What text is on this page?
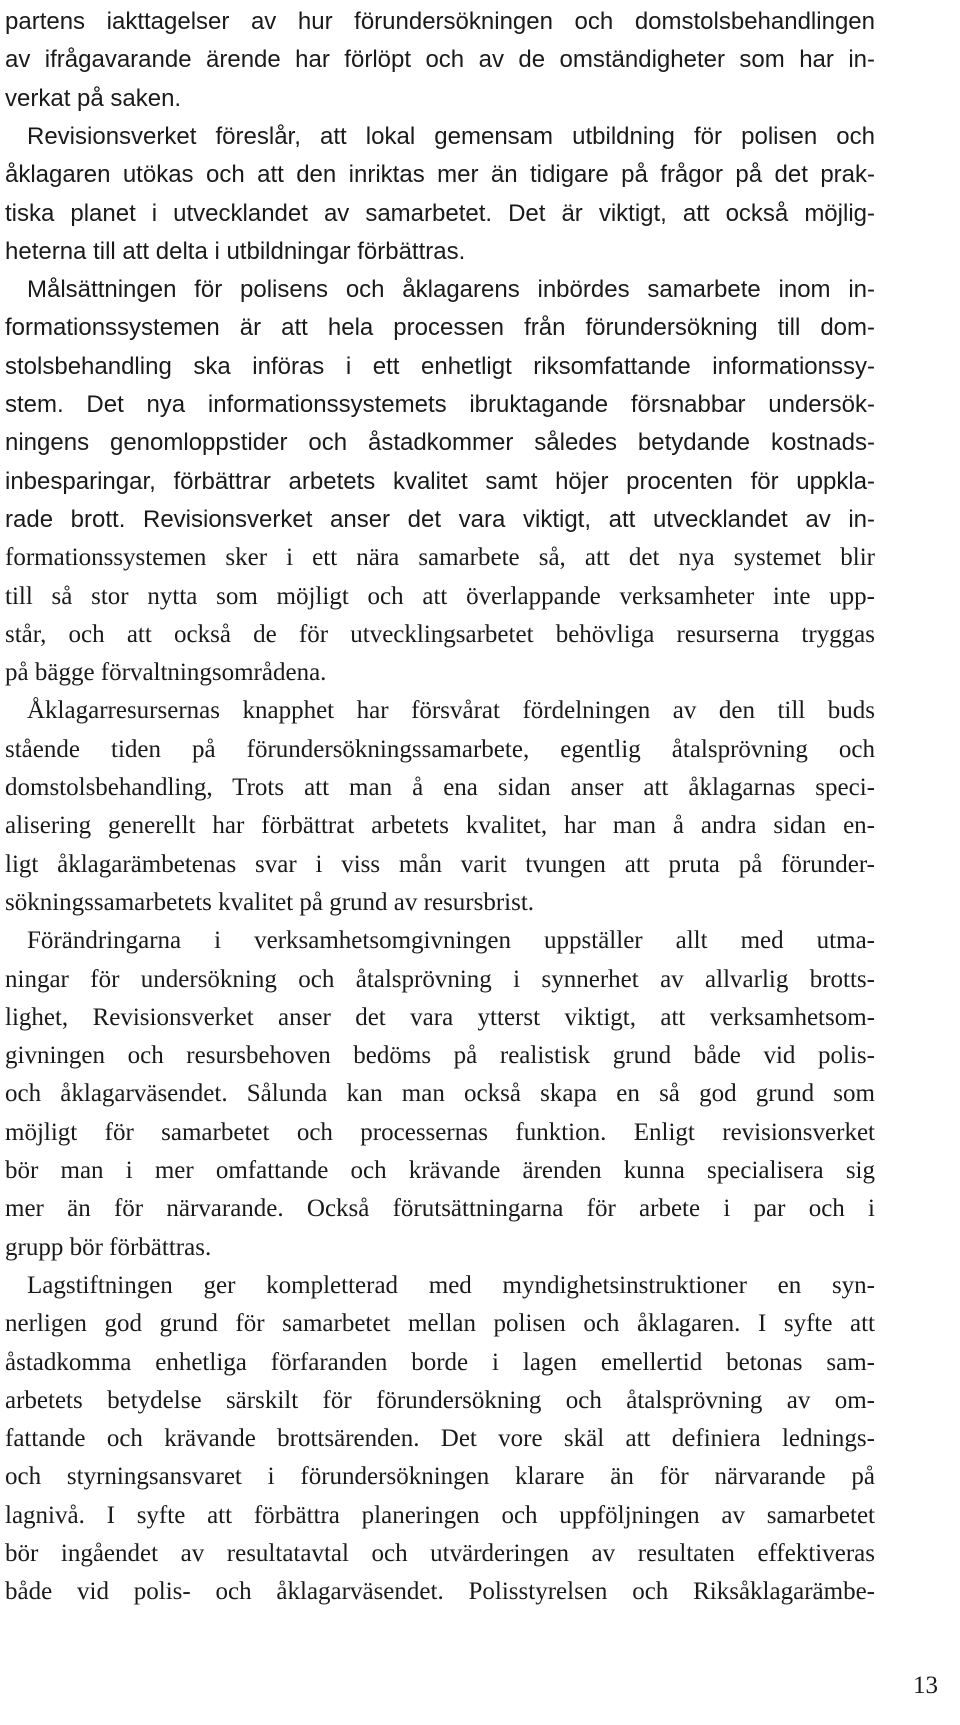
partens iakttagelser av hur förundersökningen och domstolsbehandlingen
av ifrågavarande ärende har förlöpt och av de omständigheter som har in-
verkat på saken.
Revisionsverket föreslår, att lokal gemensam utbildning för polisen och
åklagaren utökas och att den inriktas mer än tidigare på frågor på det prak-
tiska planet i utvecklandet av samarbetet. Det är viktigt, att också möjlig-
heterna till att delta i utbildningar förbättras.
Målsättningen för polisens och åklagarens inbördes samarbete inom in-
formationssystemen är att hela processen från förundersökning till dom-
stolsbehandling ska införas i ett enhetligt riksomfattande informationssy-
stem. Det nya informationssystemets ibruktagande försnabbar undersök-
ningens genomloppstider och åstadkommer således betydande kostnads-
inbesparingar, förbättrar arbetets kvalitet samt höjer procenten för uppkla-
rade brott. Revisionsverket anser det vara viktigt, att utvecklandet av in-
formationssystemen sker i ett nära samarbete så, att det nya systemet blir
till så stor nytta som möjligt och att överlappande verksamheter inte upp-
står, och att också de för utvecklingsarbetet behövliga resurserna tryggas
på bägge förvaltningsområdena.
Åklagarresursernas knapphet har försvårat fördelningen av den till buds
stående tiden på förundersökningssamarbete, egentlig åtalsprövning och
domstolsbehandling, Trots att man å ena sidan anser att åklagarnas speci-
alisering generellt har förbättrat arbetets kvalitet, har man å andra sidan en-
ligt åklagarämbetenas svar i viss mån varit tvungen att pruta på förunder-
sökningssamarbetets kvalitet på grund av resursbrist.
Förändringarna i verksamhetsomgivningen uppställer allt med utma-
ningar för undersökning och åtalsprövning i synnerhet av allvarlig brotts-
lighet, Revisionsverket anser det vara ytterst viktigt, att verksamhetsom-
givningen och resursbehoven bedöms på realistisk grund både vid polis-
och åklagarväsendet. Sålunda kan man också skapa en så god grund som
möjligt för samarbetet och processernas funktion. Enligt revisionsverket
bör man i mer omfattande och krävande ärenden kunna specialisera sig
mer än för närvarande. Också förutsättningarna för arbete i par och i
grupp bör förbättras.
Lagstiftningen ger kompletterad med myndighetsinstruktioner en syn-
nerligen god grund för samarbetet mellan polisen och åklagaren. I syfte att
åstadkomma enhetliga förfaranden borde i lagen emellertid betonas sam-
arbetets betydelse särskilt för förundersökning och åtalsprövning av om-
fattande och krävande brottsärenden. Det vore skäl att definiera lednings-
och styrningsansvaret i förundersökningen klarare än för närvarande på
lagnivå. I syfte att förbättra planeringen och uppföljningen av samarbetet
bör ingåendet av resultatavtal och utvärderingen av resultaten effektiveras
både vid polis- och åklagarväsendet. Polisstyrelsen och Riksåklagarämbe-
13
